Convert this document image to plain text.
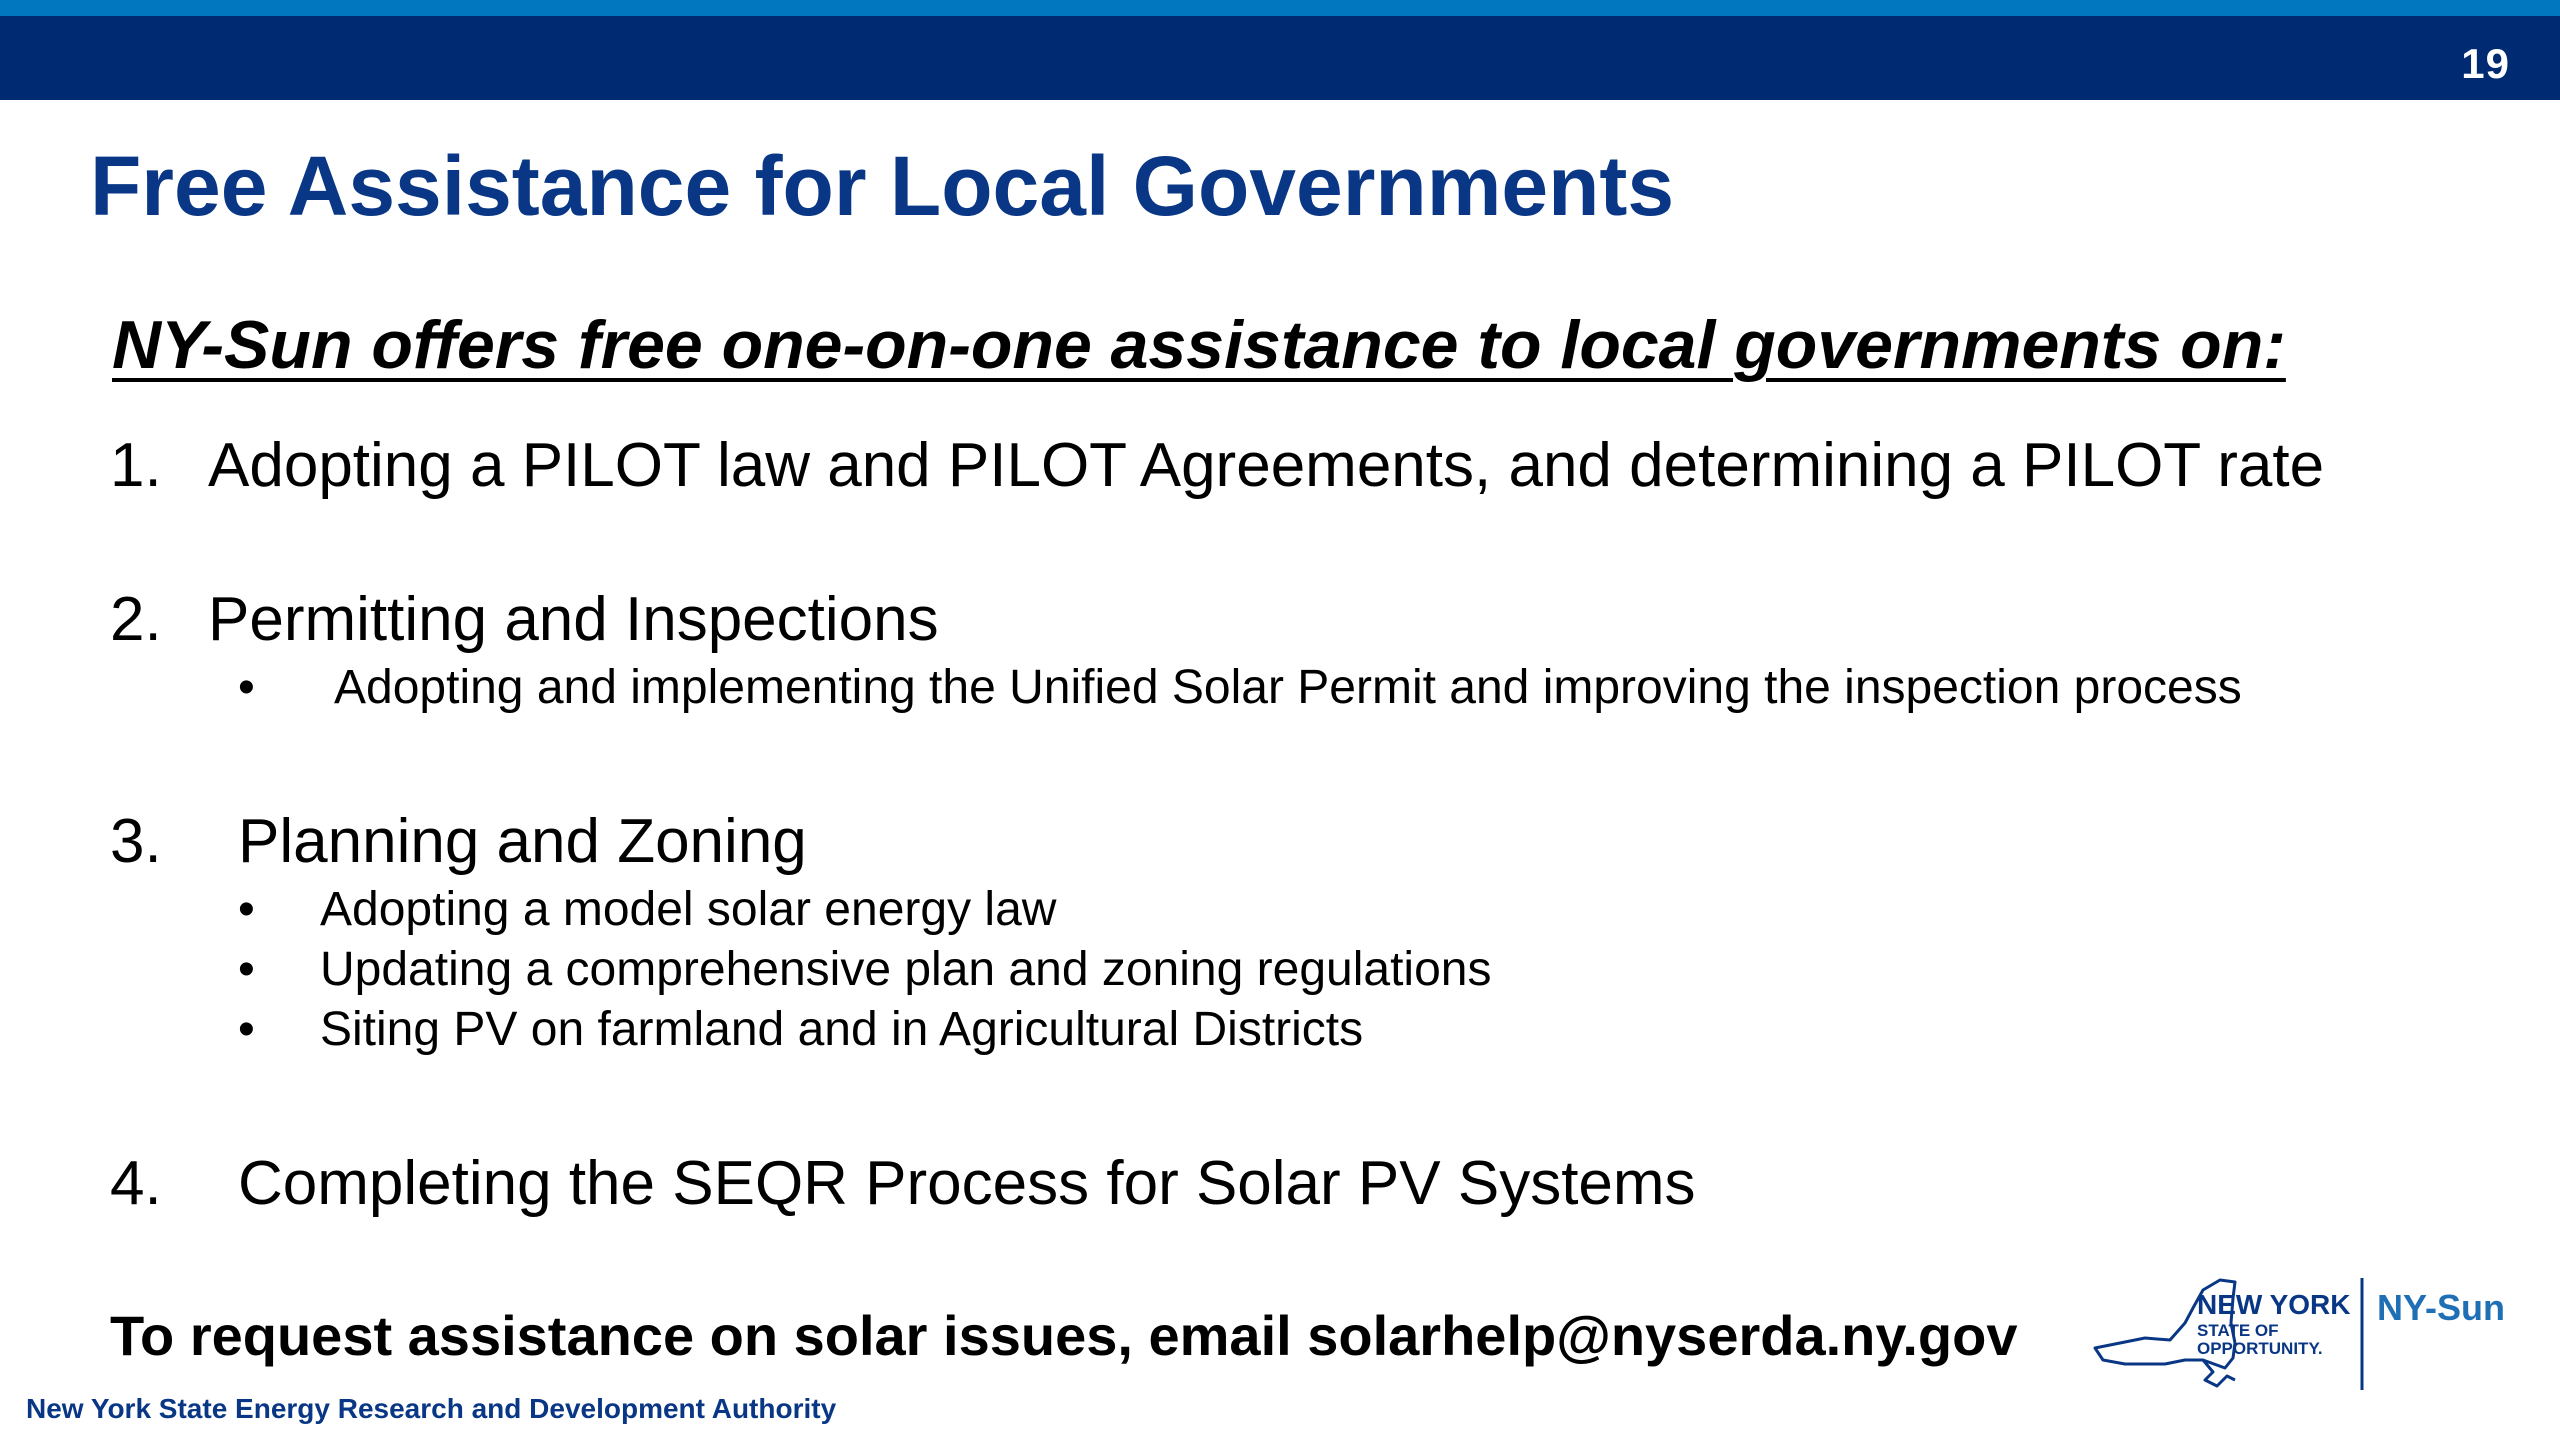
19
Free Assistance for Local Governments
NY-Sun offers free one-on-one assistance to local governments on:
1. Adopting a PILOT law and PILOT Agreements, and determining a PILOT rate
2. Permitting and Inspections
• Adopting and implementing the Unified Solar Permit and improving the inspection process
3. Planning and Zoning
• Adopting a model solar energy law
• Updating a comprehensive plan and zoning regulations
• Siting PV on farmland and in Agricultural Districts
4. Completing the SEQR Process for Solar PV Systems
To request assistance on solar issues, email solarhelp@nyserda.ny.gov
New York State Energy Research and Development Authority
NEW YORK
STATE OF
OPPORTUNITY.
NY-Sun
